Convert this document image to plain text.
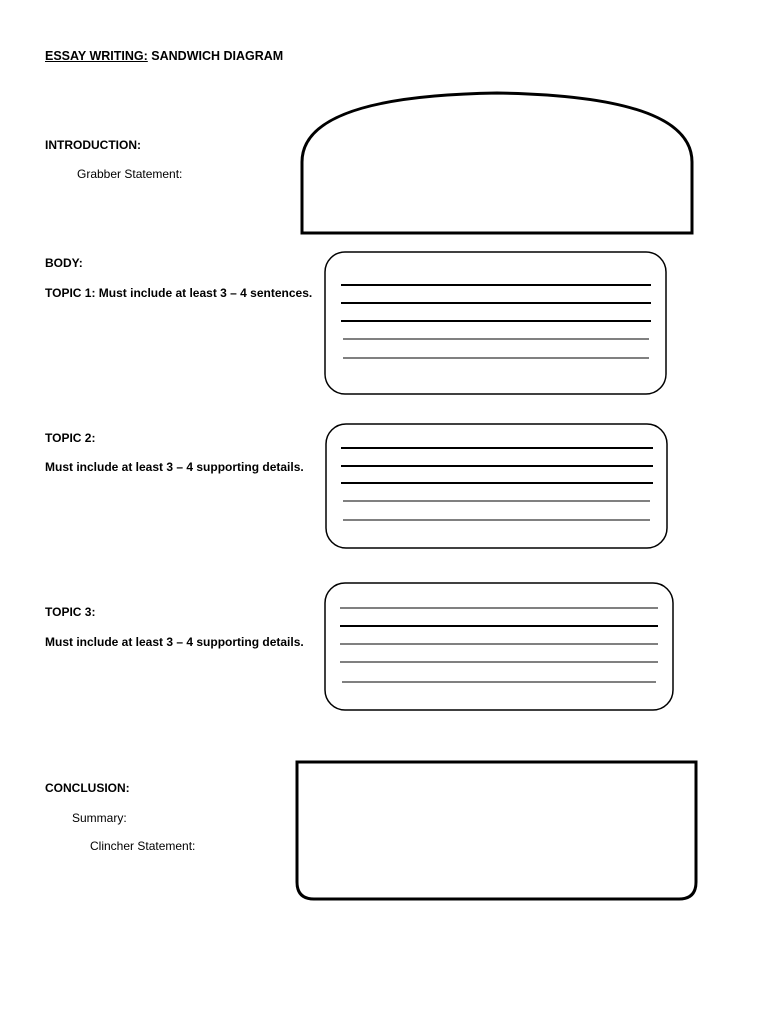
ESSAY WRITING: SANDWICH DIAGRAM
INTRODUCTION:
Grabber Statement:
BODY:
TOPIC 1: Must include at least 3 – 4 sentences.
TOPIC 2:
Must include at least 3 – 4 supporting details.
TOPIC 3:
Must include at least 3 – 4 supporting details.
CONCLUSION:
Summary:
Clincher Statement:
